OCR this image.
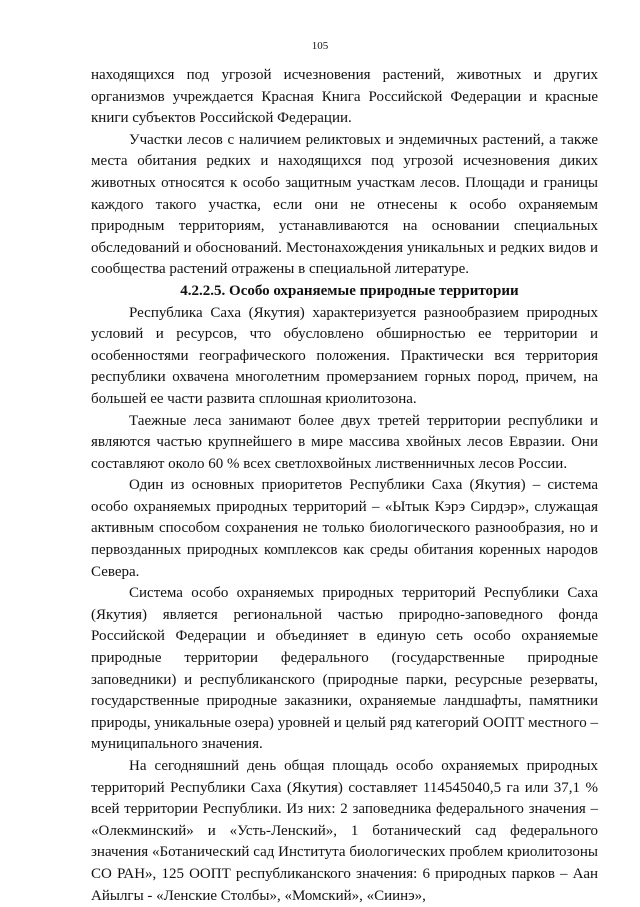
105

находящихся под угрозой исчезновения растений, животных и других организмов учреждается Красная Книга Российской Федерации и красные книги субъектов Российской Федерации.

Участки лесов с наличием реликтовых и эндемичных растений, а также места обитания редких и находящихся под угрозой исчезновения диких животных относятся к особо защитным участкам лесов. Площади и границы каждого такого участка, если они не отнесены к особо охраняемым природным территориям, устанавливаются на основании специальных обследований и обоснований. Местонахождения уникальных и редких видов и сообщества растений отражены в специальной литературе.

4.2.2.5. Особо охраняемые природные территории

Республика Саха (Якутия) характеризуется разнообразием природных условий и ресурсов, что обусловлено обширностью ее территории и особенностями географического положения. Практически вся территория республики охвачена многолетним промерзанием горных пород, причем, на большей ее части развита сплошная криолитозона.

Таежные леса занимают более двух третей территории республики и являются частью крупнейшего в мире массива хвойных лесов Евразии. Они составляют около 60 % всех светлохвойных лиственничных лесов России.

Один из основных приоритетов Республики Саха (Якутия) – система особо охраняемых природных территорий – «Ытык Кэрэ Сирдэр», служащая активным способом сохранения не только биологического разнообразия, но и первозданных природных комплексов как среды обитания коренных народов Севера.

Система особо охраняемых природных территорий Республики Саха (Якутия) является региональной частью природно-заповедного фонда Российской Федерации и объединяет в единую сеть особо охраняемые природные территории федерального (государственные природные заповедники) и республиканского (природные парки, ресурсные резерваты, государственные природные заказники, охраняемые ландшафты, памятники природы, уникальные озера) уровней и целый ряд категорий ООПТ местного – муниципального значения.

На сегодняшний день общая площадь особо охраняемых природных территорий Республики Саха (Якутия) составляет 114545040,5 га или 37,1 % всей территории Республики. Из них: 2 заповедника федерального значения – «Олекминский» и «Усть-Ленский», 1 ботанический сад федерального значения «Ботанический сад Института биологических проблем криолитозоны СО РАН», 125 ООПТ республиканского значения: 6 природных парков – Аан Айылгы - «Ленские Столбы», «Момский», «Сиинэ»,
